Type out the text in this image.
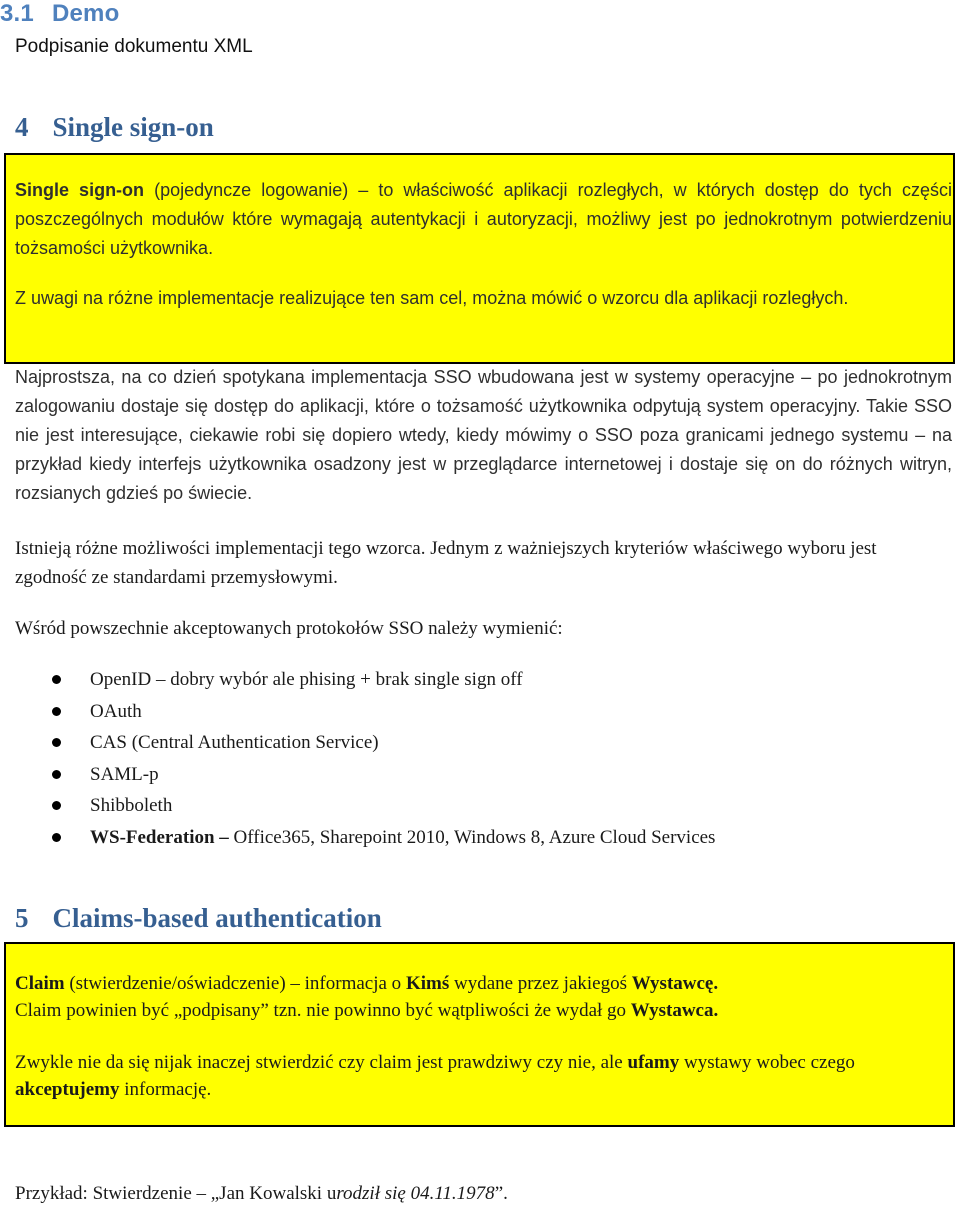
3.1 Demo
Podpisanie dokumentu XML
4 Single sign-on
Single sign-on (pojedyncze logowanie) – to właściwość aplikacji rozległych, w których dostęp do tych części poszczególnych modułów które wymagają autentykacji i autoryzacji, możliwy jest po jednokrotnym potwierdzeniu tożsamości użytkownika.
Z uwagi na różne implementacje realizujące ten sam cel, można mówić o wzorcu dla aplikacji rozległych.
Najprostsza, na co dzień spotykana implementacja SSO wbudowana jest w systemy operacyjne – po jednokrotnym zalogowaniu dostaje się dostęp do aplikacji, które o tożsamość użytkownika odpytują system operacyjny. Takie SSO nie jest interesujące, ciekawie robi się dopiero wtedy, kiedy mówimy o SSO poza granicami jednego systemu – na przykład kiedy interfejs użytkownika osadzony jest w przeglądarce internetowej i dostaje się on do różnych witryn, rozsianych gdzieś po świecie.
Istnieją różne możliwości implementacji tego wzorca. Jednym z ważniejszych kryteriów właściwego wyboru jest zgodność ze standardami przemysłowymi.
Wśród powszechnie akceptowanych protokołów SSO należy wymienić:
OpenID – dobry wybór ale phising + brak single sign off
OAuth
CAS (Central Authentication Service)
SAML-p
Shibboleth
WS-Federation – Office365, Sharepoint 2010, Windows 8, Azure Cloud Services
5 Claims-based authentication
Claim (stwierdzenie/oświadczenie) – informacja o Kimś wydane przez jakiegoś Wystawcę.
Claim powinien być „podpisany” tzn. nie powinno być wątpliwości że wydał go Wystawca.
Zwykle nie da się nijak inaczej stwierdzić czy claim jest prawdziwy czy nie, ale ufamy wystawy wobec czego akceptujemy informację.
Przykład: Stwierdzenie – „Jan Kowalski urodził się 04.11.1978”.
